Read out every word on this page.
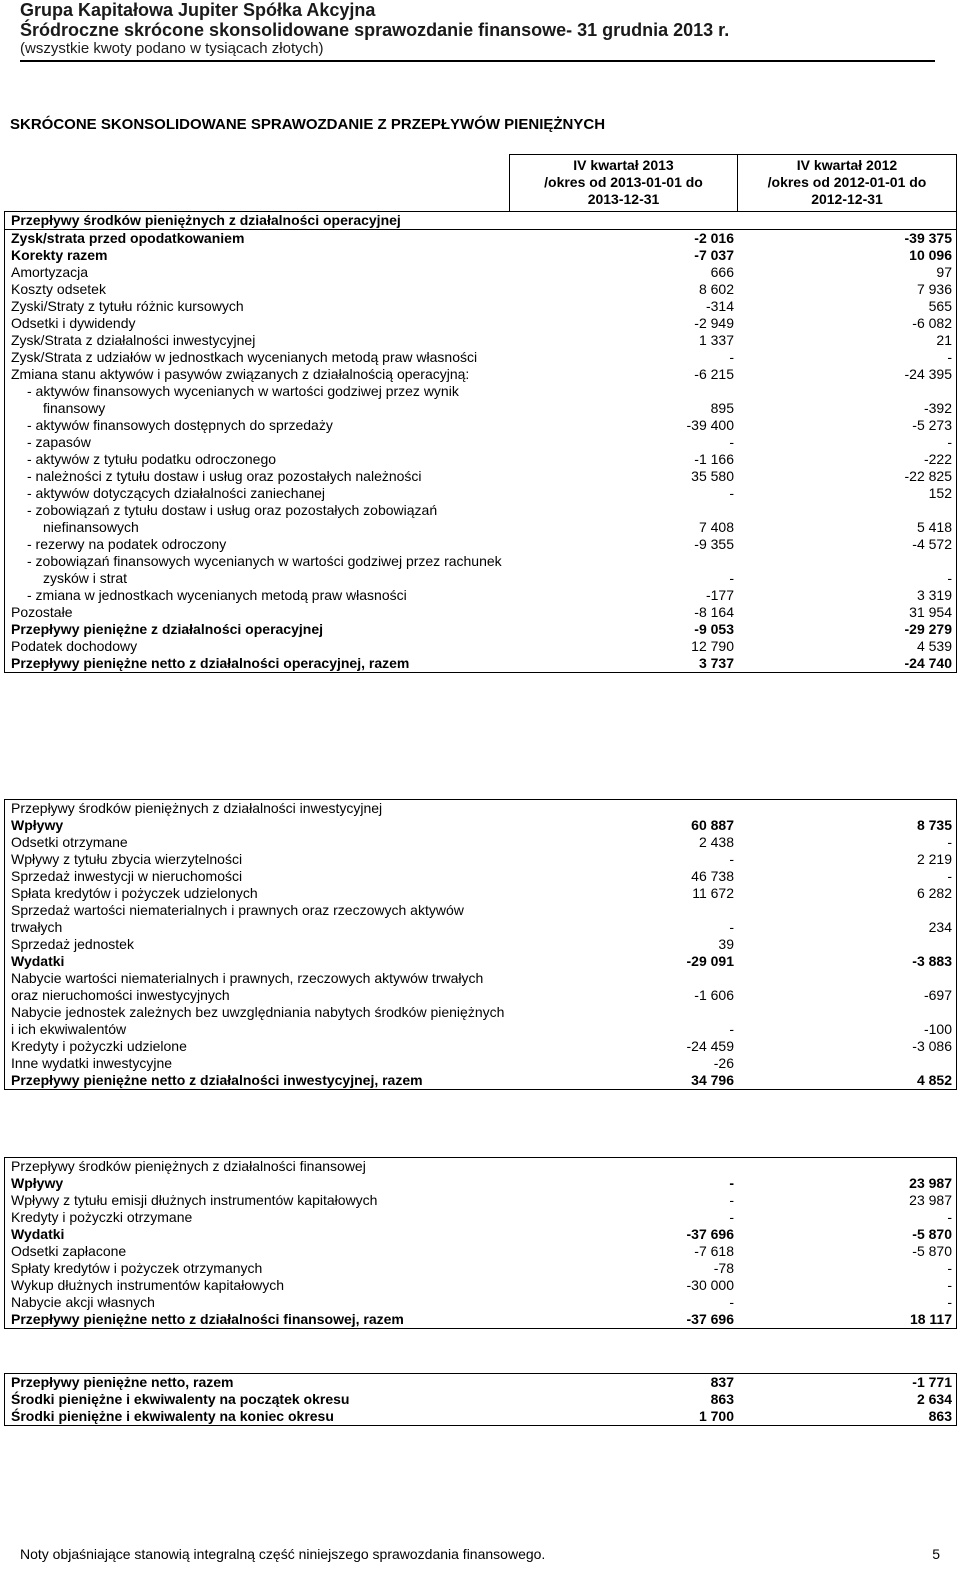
Grupa Kapitałowa Jupiter Spółka Akcyjna
Śródroczne skrócone skonsolidowane sprawozdanie finansowe- 31 grudnia 2013 r.
(wszystkie kwoty podano w tysiącach złotych)
SKRÓCONE SKONSOLIDOWANE SPRAWOZDANIE Z PRZEPŁYWÓW PIENIĘŻNYCH
IV kwartał 2013
/okres od 2013-01-01 do
2013-12-31
IV kwartał 2012
/okres od 2012-01-01 do
2012-12-31
Przepływy środków pieniężnych z działalności operacyjnej
Zysk/strata przed opodatkowaniem	-2 016	-39 375
Korekty razem	-7 037	10 096
Amortyzacja	666	97
Koszty odsetek	8 602	7 936
Zyski/Straty z tytułu różnic kursowych	-314	565
Odsetki i dywidendy	-2 949	-6 082
Zysk/Strata z działalności inwestycyjnej	1 337	21
Zysk/Strata z udziałów w jednostkach wycenianych metodą praw własności	-	-
Zmiana stanu aktywów i pasywów związanych z działalnością operacyjną:	-6 215	-24 395
- aktywów finansowych wycenianych w wartości godziwej przez wynik finansowy	895	-392
- aktywów finansowych dostępnych do sprzedaży	-39 400	-5 273
- zapasów	-	-
- aktywów z tytułu podatku odroczonego	-1 166	-222
- należności z tytułu dostaw i usług oraz pozostałych należności	35 580	-22 825
- aktywów dotyczących działalności zaniechanej	-	152
- zobowiązań z tytułu dostaw i usług oraz pozostałych zobowiązań niefinansowych	7 408	5 418
- rezerwy na podatek odroczony	-9 355	-4 572
- zobowiązań finansowych wycenianych w wartości godziwej przez rachunek zysków i strat	-	-
- zmiana w jednostkach wycenianych metodą praw własności	-177	3 319
Pozostałe	-8 164	31 954
Przepływy pieniężne z działalności operacyjnej	-9 053	-29 279
Podatek dochodowy	12 790	4 539
Przepływy pieniężne netto z działalności operacyjnej, razem	3 737	-24 740
Przepływy środków pieniężnych z działalności inwestycyjnej
Wpływy	60 887	8 735
Odsetki otrzymane	2 438	-
Wpływy z tytułu zbycia wierzytelności	-	2 219
Sprzedaż inwestycji w nieruchomości	46 738	-
Spłata kredytów i pożyczek udzielonych	11 672	6 282
Sprzedaż wartości niematerialnych i prawnych oraz rzeczowych aktywów trwałych	-	234
Sprzedaż jednostek	39
Wydatki	-29 091	-3 883
Nabycie wartości niematerialnych i prawnych, rzeczowych aktywów trwałych oraz nieruchomości inwestycyjnych	-1 606	-697
Nabycie jednostek zależnych bez uwzględniania nabytych środków pieniężnych i ich ekwiwalentów	-	-100
Kredyty i pożyczki udzielone	-24 459	-3 086
Inne wydatki inwestycyjne	-26
Przepływy pieniężne netto z działalności inwestycyjnej, razem	34 796	4 852
Przepływy środków pieniężnych z działalności finansowej
Wpływy	-	23 987
Wpływy z tytułu emisji dłużnych instrumentów kapitałowych	-	23 987
Kredyty i pożyczki otrzymane	-	-
Wydatki	-37 696	-5 870
Odsetki zapłacone	-7 618	-5 870
Spłaty kredytów i pożyczek otrzymanych	-78	-
Wykup dłużnych instrumentów kapitałowych	-30 000	-
Nabycie akcji własnych	-	-
Przepływy pieniężne netto z działalności finansowej, razem	-37 696	18 117
Przepływy pieniężne netto, razem	837	-1 771
Środki pieniężne i ekwiwalenty na początek okresu	863	2 634
Środki pieniężne i ekwiwalenty na koniec okresu	1 700	863
Noty objaśniające stanowią integralną część niniejszego sprawozdania finansowego.	5
